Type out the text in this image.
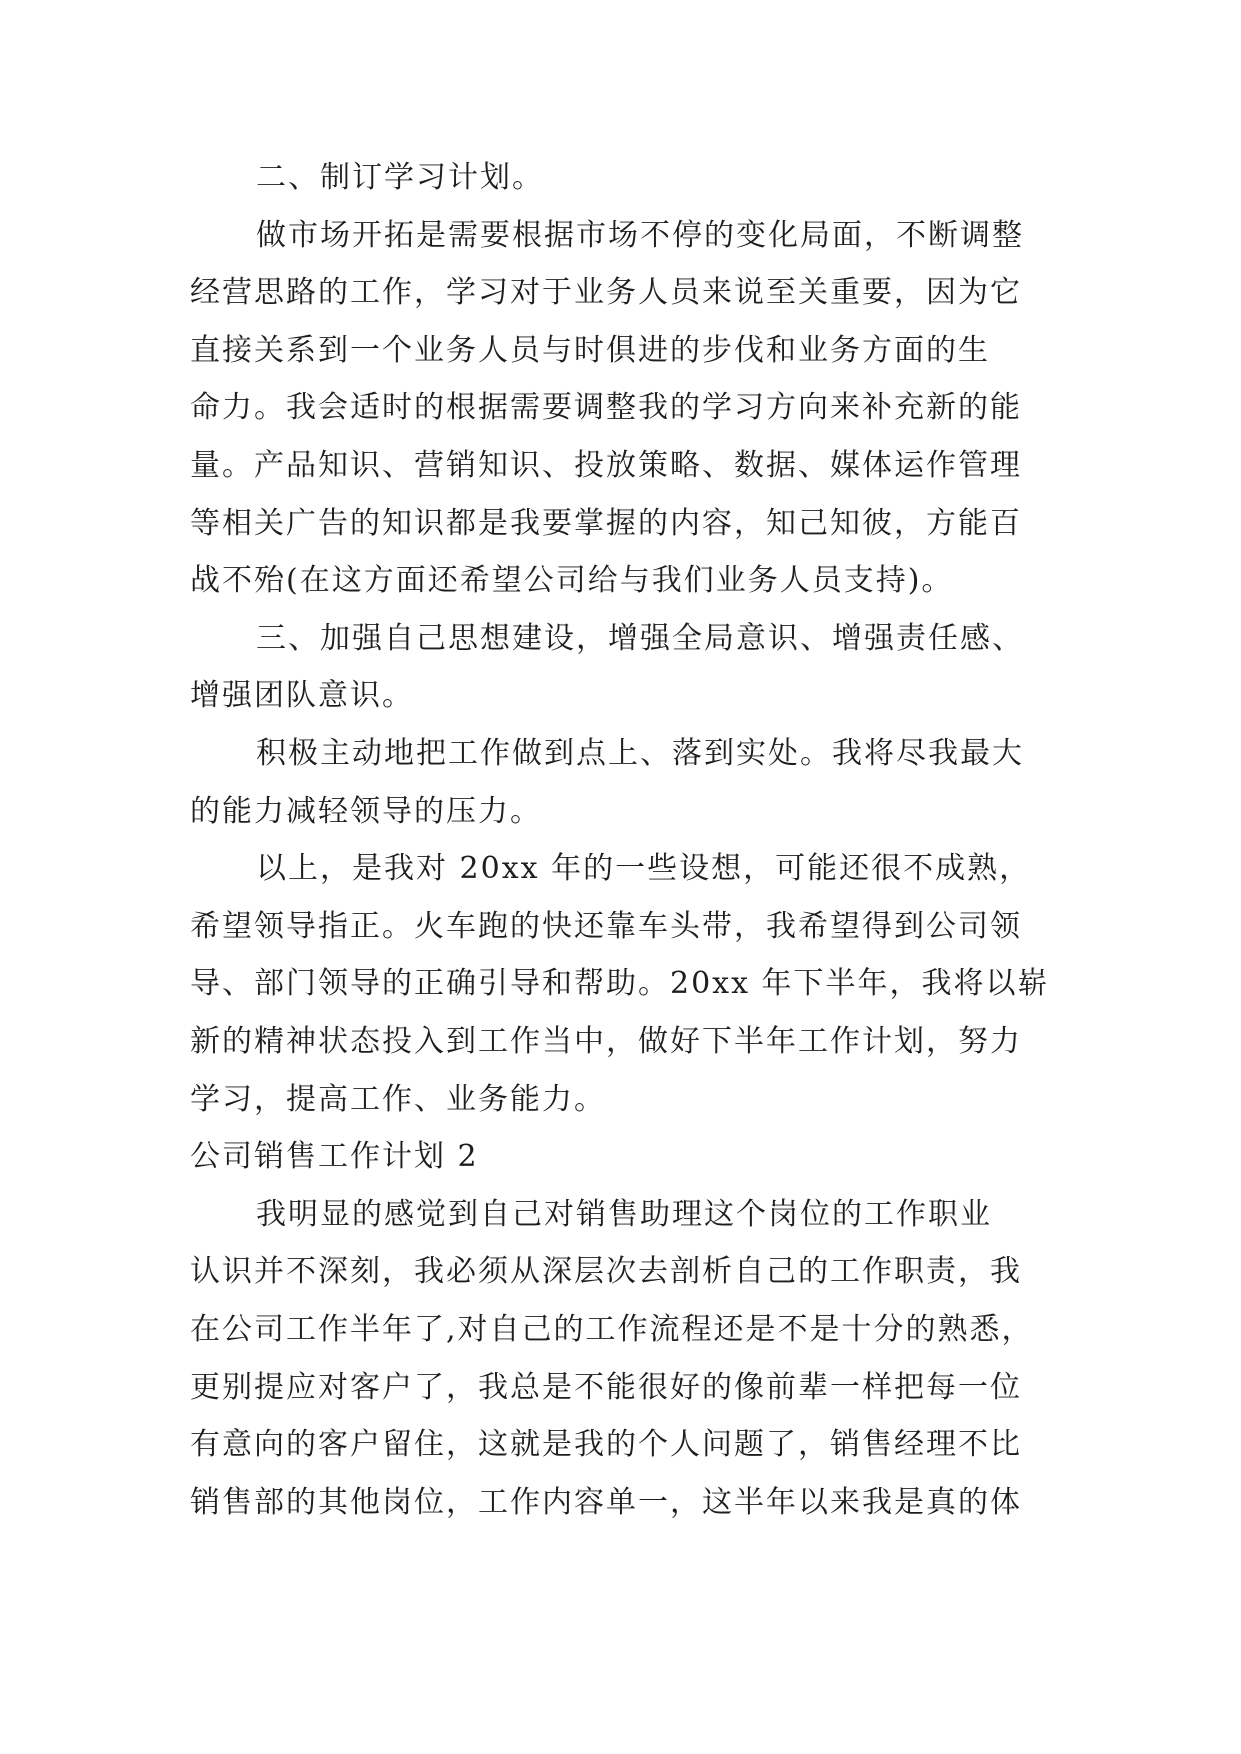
二、制订学习计划。
做市场开拓是需要根据市场不停的变化局面，不断调整
经营思路的工作，学习对于业务人员来说至关重要，因为它
直接关系到一个业务人员与时俱进的步伐和业务方面的生
命力。我会适时的根据需要调整我的学习方向来补充新的能
量。产品知识、营销知识、投放策略、数据、媒体运作管理
等相关广告的知识都是我要掌握的内容，知己知彼，方能百
战不殆(在这方面还希望公司给与我们业务人员支持)。
三、加强自己思想建设，增强全局意识、增强责任感、
增强团队意识。
积极主动地把工作做到点上、落到实处。我将尽我最大
的能力减轻领导的压力。
以上，是我对 20xx 年的一些设想，可能还很不成熟，
希望领导指正。火车跑的快还靠车头带，我希望得到公司领
导、部门领导的正确引导和帮助。20xx 年下半年，我将以崭
新的精神状态投入到工作当中，做好下半年工作计划，努力
学习，提高工作、业务能力。
公司销售工作计划 2
我明显的感觉到自己对销售助理这个岗位的工作职业
认识并不深刻，我必须从深层次去剖析自己的工作职责，我
在公司工作半年了,对自己的工作流程还是不是十分的熟悉，
更别提应对客户了，我总是不能很好的像前辈一样把每一位
有意向的客户留住，这就是我的个人问题了，销售经理不比
销售部的其他岗位，工作内容单一，这半年以来我是真的体
